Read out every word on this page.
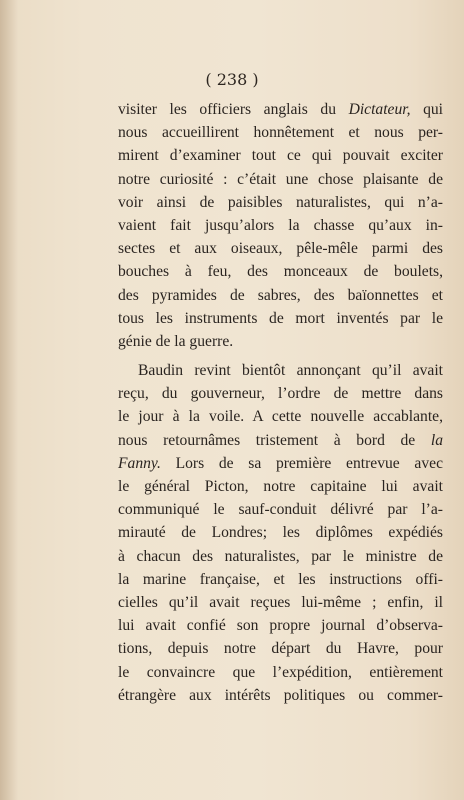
( 238 )

visiter les officiers anglais du Dictateur, qui
nous accueillirent honnêtement et nous per-
mirent d’examiner tout ce qui pouvait exciter
notre curiosité : c’était une chose plaisante de
voir ainsi de paisibles naturalistes, qui n’a-
vaient fait jusqu’alors la chasse qu’aux in-
sectes et aux oiseaux, pêle-mêle parmi des
bouches à feu, des monceaux de boulets,
des pyramides de sabres, des baïonnettes et
tous les instruments de mort inventés par le
génie de la guerre.
Baudin revint bientôt annonçant qu’il avait
reçu, du gouverneur, l’ordre de mettre dans
le jour à la voile. A cette nouvelle accablante,
nous retournâmes tristement à bord de la
Fanny. Lors de sa première entrevue avec
le général Picton, notre capitaine lui avait
communiqué le sauf-conduit délivré par l’a-
mirauté de Londres; les diplômes expédiés
à chacun des naturalistes, par le ministre de
la marine française, et les instructions offi-
cielles qu’il avait reçues lui-même ; enfin, il
lui avait confié son propre journal d’observa-
tions, depuis notre départ du Havre, pour
le convaincre que l’expédition, entièrement
étrangère aux intérêts politiques ou commer-
